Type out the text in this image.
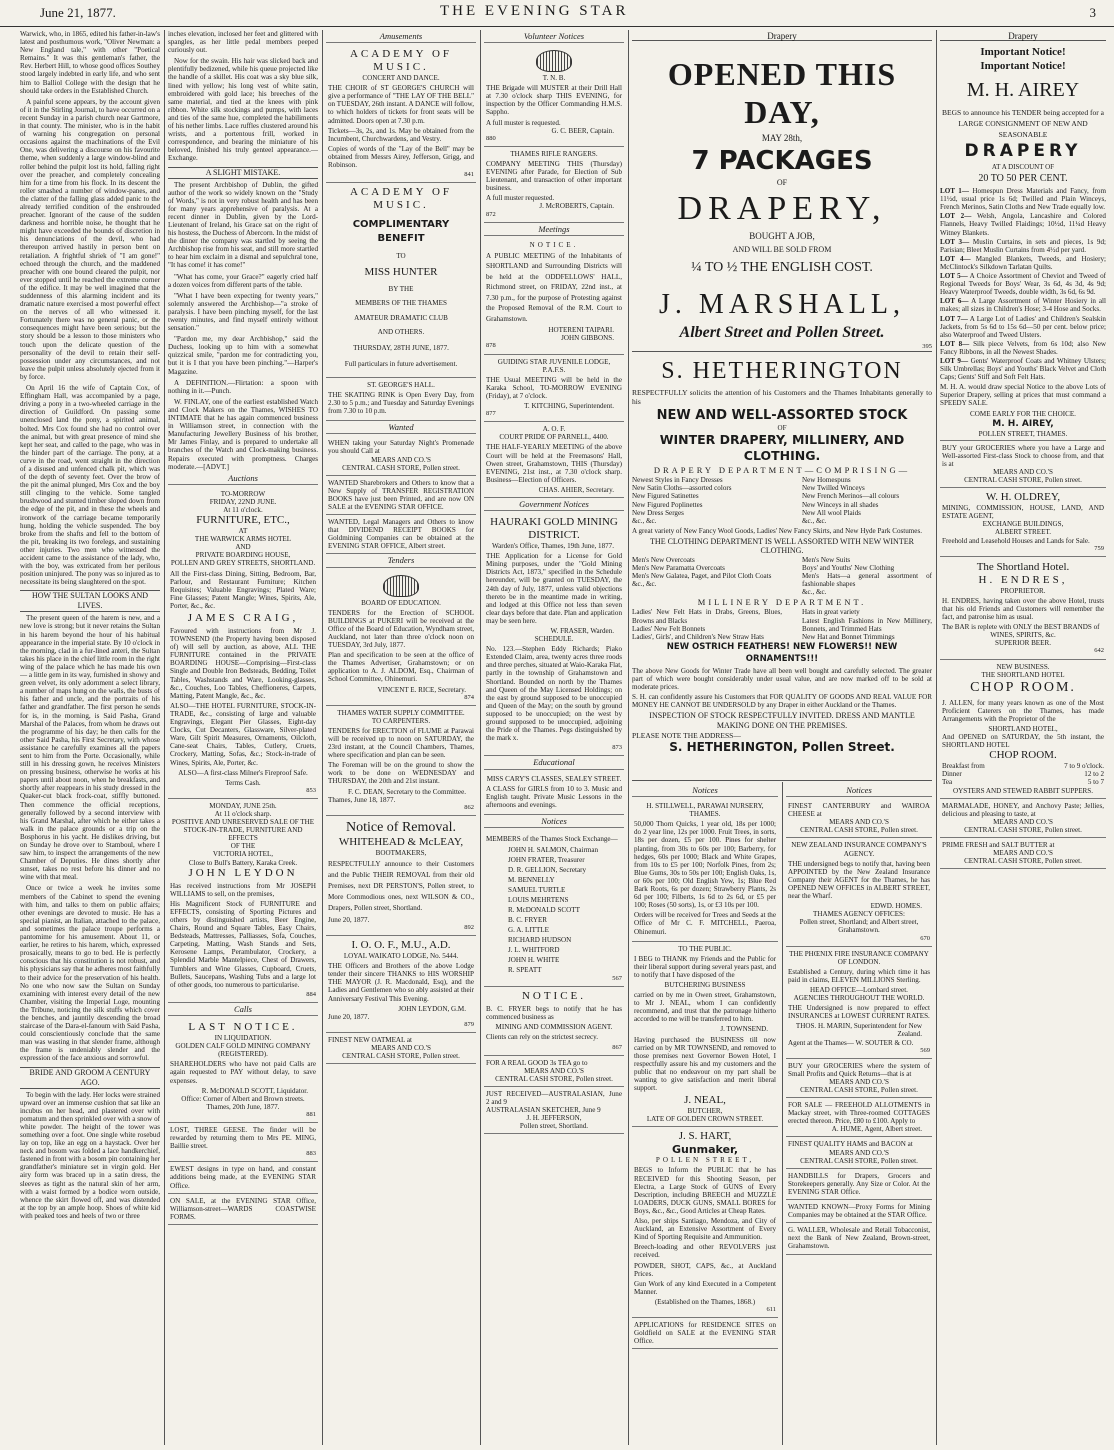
June 21, 1877.	THE EVENING STAR	3

Warwick, who, in 1865, edited his father-in-law's latest and posthumous work, "Oliver Newman: a New England tale," with other "Poetical Remains." It was this gentleman's father, the Rev. Herbert Hill, to whose good offices Southey stood largely indebted in early life, and who sent him to Balliol College with the design that he should take orders in the Established Church.

A painful scene appears, by the account given of it in the Stirling Journal, to have occurred on a recent Sunday in a parish church near Gartmore, in that county. The minister, who is in the habit of warning his congregation on personal occasions against the machinations of the Evil One, was delivering a discourse on his favourite theme, when suddenly a large window-blind and roller behind the pulpit lost its hold, falling right over the preacher, and completely concealing him for a time from his flock. In its descent the roller smashed a number of window-panes, and the clatter of the falling glass added panic to the already terrified condition of the enshrouded preacher. Ignorant of the cause of the sudden darkness and horrible noise, he thought that he might have exceeded the bounds of discretion in his denunciations of the devil, who had thereupon arrived hastily in person bent on retaliation. A frightful shriek of "I am gone!" echoed through the church, and the maddened preacher with one bound cleared the pulpit, nor ever stopped until he reached the extreme corner of the edifice. It may be well imagined that the suddenness of this alarming incident and its dramatic nature exercised a most powerful effect on the nerves of all who witnessed it. Fortunately there was no general panic, or the consequences might have been serious; but the story should be a lesson to those ministers who touch upon the delicate question of the personality of the devil to retain their self-possession under any circumstances, and not leave the pulpit unless absolutely ejected from it by force.

On April 16 the wife of Captain Cox, of Effingham Hall, was accompanied by a page, driving a pony in a two-wheeled carriage in the direction of Guildford. On passing some unenclosed land the pony, a spirited animal, bolted. Mrs Cox found she had no control over the animal, but with great presence of mind she kept her seat, and called to the page, who was in the hinder part of the carriage. The pony, at a curve in the road, went straight in the direction of a disused and unfenced chalk pit, which was of the depth of seventy feet. Over the brow of the pit the animal plunged, Mrs Cox and the boy still clinging to the vehicle. Some tangled brushwood and stunted timber sloped down from the edge of the pit, and in these the wheels and ironwork of the carriage became temporarily hung, holding the vehicle suspended. The boy broke from the shafts and fell to the bottom of the pit, breaking its two forelegs, and sustaining other injuries. Two men who witnessed the accident came to the assistance of the lady, who, with the boy, was extricated from her perilous position uninjured. The pony was so injured as to necessitate its being slaughtered on the spot.

HOW THE SULTAN LOOKS AND LIVES.

The present queen of the harem is new, and a new love is strong; but it never retains the Sultan in his harem beyond the hour of his habitual appearance in the imperial state. By 10 o'clock in the morning, clad in a fur-lined anteri, the Sultan takes his place in the chief little room in the right wing of the palace which he has made his own — a little gem in its way, furnished in showy and green velvet, its only adornment a select library, a number of maps hung on the walls, the busts of his father and uncle, and the portraits of his father and grandfather. The first person he sends for is, in the morning, is Said Pasha, Grand Marshal of the Palaces, from whom he draws out the programme of his day; he then calls for the other Said Pasha, his First Secretary, with whose assistance he carefully examines all the papers sent to him from the Porte. Occasionally, while still in his dressing gown, he receives Ministers on pressing business, otherwise he works at his papers until about noon, when he breakfasts, and shortly after reappears in his study dressed in the Quaker-cut black frock-coat, stiffly buttoned. Then commence the official receptions, generally followed by a second interview with his Grand Marshal, after which he either takes a walk in the palace grounds or a trip on the Bosphorus in his yacht. He dislikes driving, but on Sunday he drove over to Stamboul, where I saw him, to inspect the arrangements of the new Chamber of Deputies. He dines shortly after sunset, takes no rest before his dinner and no wine with that meal.

Once or twice a week he invites some members of the Cabinet to spend the evening with him, and talks to them on public affairs; other evenings are devoted to music. He has a special pianist, an Italian, attached to the palace, and sometimes the palace troupe performs a pantomime for his amusement. About 11, or earlier, he retires to his harem, which, expressed prosaically, means to go to bed. He is perfectly conscious that his constitution is not robust, and his physicians say that he adheres most faithfully to their advice for the preservation of his health. No one who now saw the Sultan on Sunday examining with interest every detail of the new Chamber, visiting the Imperial Loge, mounting the Tribune, noticing the silk stuffs which cover the benches, and jauntily descending the broad staircase of the Dara-el-fanoum with Said Pasha, could conscientiously conclude that the same man was wasting in that slender frame, although the frame is undeniably slender and the expression of the face anxious and sorrowful.

BRIDE AND GROOM A CENTURY AGO.

To begin with the lady. Her locks were strained upward over an immense cushion that sat like an incubus on her head, and plastered over with pomatum and then sprinkled over with a snow of white powder. The height of the tower was something over a foot. One single white rosebud lay on top, like an egg on a haystack. Over her neck and bosom was folded a lace handkerchief, fastened in front with a bosom pin containing her grandfather's miniature set in virgin gold. Her airy form was braced up in a satin dress, the sleeves as tight as the natural skin of her arm, with a waist formed by a bodice worn outside, whence the skirt flowed off, and was distended at the top by an ample hoop. Shoes of white kid with peaked toes and heels of two or three

inches elevation, inclosed her feet and glittered with spangles, as her little pedal members peeped curiously out.

Now for the swain. His hair was slicked back and plentifully bedizened, while his queue projected like the handle of a skillet. His coat was a sky blue silk, lined with yellow; his long vest of white satin, embroidered with gold lace; his breeches of the same material, and tied at the knees with pink ribbon. White silk stockings and pumps, with laces and ties of the same hue, completed the habiliments of his nether limbs. Lace ruffles clustered around his wrists, and a portentous frill, worked in correspondence, and bearing the miniature of his beloved, finished his truly genteel appearance.—Exchange.

A SLIGHT MISTAKE.

The present Archbishop of Dublin, the gifted author of the work so widely known on the "Study of Words," is not in very robust health and has been for many years apprehensive of paralysis. At a recent dinner in Dublin, given by the Lord-Lieutenant of Ireland, his Grace sat on the right of his hostess, the Duchess of Abercorn. In the midst of the dinner the company was startled by seeing the Archbishop rise from his seat, and still more startled to hear him exclaim in a dismal and sepulchral tone, "It has come! it has come!"

"What has come, your Grace?" eagerly cried half a dozen voices from different parts of the table.

"What I have been expecting for twenty years," solemnly answered the Archbishop—"a stroke of paralysis. I have been pinching myself, for the last twenty minutes, and find myself entirely without sensation."

"Pardon me, my dear Archbishop," said the Duchess, looking up to him with a somewhat quizzical smile, "pardon me for contradicting you, but it is I that you have been pinching."—Harper's Magazine.

A DEFINITION.—Flirtation: a spoon with nothing in it.—Punch.

W. FINLAY, one of the earliest established Watch and Clock Makers on the Thames, WISHES TO INTIMATE that he has again commenced business in Williamson street, in connection with the Manufacturing Jewellery Business of his brother, Mr James Finlay, and is prepared to undertake all branches of the Watch and Clock-making business. Repairs executed with promptness. Charges moderate.—[ADVT.]

Auctions
TO-MORROW
FRIDAY, 22ND JUNE.
At 11 o'clock.
FURNITURE, ETC.,
AT
THE WARWICK ARMS HOTEL
AND
PRIVATE BOARDING HOUSE,
POLLEN AND GREY STREETS, SHORTLAND.

All the First-class Dining, Sitting, Bedroom, Bar, Parlour, and Restaurant Furniture; Kitchen Requisites; Valuable Engravings; Plated Ware; Fine Glasses; Patent Mangle; Wines, Spirits, Ale, Porter, &c., &c.

JAMES CRAIG,

Favoured with instructions from Mr J. TOWNSEND (the Property having been disposed of) will sell by auction, as above, ALL THE FURNITURE contained in the PRIVATE BOARDING HOUSE—Comprising—First-class Single and Double Iron Bedsteads, Bedding, Toilet Tables, Washstands and Ware, Looking-glasses, &c., Couches, Loo Tables, Cheffioneres, Carpets, Matting, Patent Mangle, &c., &c.

ALSO—THE HOTEL FURNITURE, STOCK-IN-TRADE, &c., consisting of large and valuable Engravings, Elegant Pier Glasses, Eight-day Clocks, Cut Decanters, Glassware, Silver-plated Ware, Gilt Spirit Measures, Ornaments, Oilcloth, Cane-seat Chairs, Tables, Cutlery, Cruets, Crockery, Matting, Sofas, &c.; Stock-in-trade of Wines, Spirits, Ale, Porter, &c.

ALSO—A first-class Milner's Fireproof Safe.

Terms Cash.
853
MONDAY, JUNE 25th.
At 11 o'clock sharp.
POSITIVE AND UNRESERVED SALE OF THE STOCK-IN-TRADE, FURNITURE AND EFFECTS
OF THE
VICTORIA HOTEL,
Close to Bull's Battery, Karaka Creek.
JOHN LEYDON

Has received instructions from Mr JOSEPH WILLIAMS to sell, on the premises,

His Magnificent Stock of FURNITURE and EFFECTS, consisting of Sporting Pictures and others by distinguished artists, Beer Engine, Chairs, Round and Square Tables, Easy Chairs, Bedsteads, Mattresses, Palliasses, Sofa, Couches, Carpeting, Matting, Wash Stands and Sets, Kerosene Lamps, Perambulator, Crockery, a Splendid Marble Mantelpiece, Chest of Drawers, Tumblers and Wine Glasses, Cupboard, Cruets, Bullets, Saucepans, Washing Tubs and a large lot of other goods, too numerous to particularise.

884
Calls
LAST NOTICE.
IN LIQUIDATION.
GOLDEN CALF GOLD MINING COMPANY (REGISTERED).

SHAREHOLDERS who have not paid Calls are again requested to PAY without delay, to save expenses.

R. McDONALD SCOTT, Liquidator.
Office: Corner of Albert and Brown streets.
Thames, 20th June, 1877.
881
LOST, THREE GEESE. The finder will be rewarded by returning them to Mrs PE. MING, Baillie street.
883
EWEST designs in type on hand, and constant additions being made, at the EVENING STAR Office.
ON SALE, at the EVENING STAR Office, Williamson-street—WARDS COASTWISE FORMS.
Amusements
ACADEMY OF MUSIC.
CONCERT AND DANCE.

THE CHOIR of ST GEORGE'S CHURCH will give a performance of "THE LAY OF THE BELL" on TUESDAY, 26th instant. A DANCE will follow, to which holders of tickets for front seats will be admitted. Doors open at 7.30 p.m.

Tickets—3s, 2s, and 1s. May be obtained from the Incumbent, Churchwardens, and Vestry.

Copies of words of the "Lay of the Bell" may be obtained from Messrs Airey, Jefferson, Grigg, and Robinson.

841
ACADEMY OF MUSIC.
COMPLIMENTARY BENEFIT
TO
MISS HUNTER
BY THE
MEMBERS OF THE THAMES
AMATEUR DRAMATIC CLUB
AND OTHERS.
THURSDAY, 28TH JUNE, 1877.
Full particulars in future advertisement.
ST. GEORGE'S HALL.

THE SKATING RINK is Open Every Day, from 2.30 to 5 p.m.; and Tuesday and Saturday Evenings from 7.30 to 10 p.m.

Wanted

WHEN taking your Saturday Night's Promenade you should Call at

MEARS AND CO.'S
CENTRAL CASH STORE, Pollen street.
WANTED Sharebrokers and Others to know that a New Supply of TRANSFER REGISTRATION BOOKS have just been Printed, and are now ON SALE at the EVENING STAR OFFICE.
WANTED, Legal Managers and Others to know that DIVIDEND RECEIPT BOOKS for Goldmining Companies can be obtained at the EVENING STAR OFFICE, Albert street.
Tenders
BOARD OF EDUCATION.

TENDERS for the Erection of SCHOOL BUILDINGS at PUKERI will be received at the Office of the Board of Education, Wyndham street, Auckland, not later than three o'clock noon on TUESDAY, 3rd July, 1877.

Plan and specification to be seen at the office of the Thames Advertiser, Grahamstown; or on application to A. J. ALDOM, Esq., Chairman of School Committee, Ohinemuri.

VINCENT E. RICE, Secretary.
874
THAMES WATER SUPPLY COMMITTEE.
TO CARPENTERS.

TENDERS for ERECTION of FLUME at Parawai will be received up to noon on SATURDAY, the 23rd instant, at the Council Chambers, Thames, where specification and plan can be seen.

The Foreman will be on the ground to show the work to be done on WEDNESDAY and THURSDAY, the 20th and 21st instant.

F. C. DEAN, Secretary to the Committee.
Thames, June 18, 1877.
862
Notice of Removal.
WHITEHEAD & McLEAY,
BOOTMAKERS,

RESPECTFULLY announce to their Customers and the Public THEIR REMOVAL from their old Premises, next DR PERSTON'S, Pollen street, to More Commodious ones, next WILSON & CO., Drapers, Pollen street, Shortland.

June 20, 1877.
892
I. O. O. F., M.U., A.D.
LOYAL WAIKATO LODGE, No. 5444.

THE Officers and Brothers of the above Lodge tender their sincere THANKS to HIS WORSHIP THE MAYOR (J. R. Macdonald, Esq), and the Ladies and Gentlemen who so ably assisted at their Anniversary Festival This Evening.

JOHN LEYDON, G.M.
June 20, 1877.
879
FINEST NEW OATMEAL at
MEARS AND CO.'S
CENTRAL CASH STORE, Pollen street.
Volunteer Notices
T. N. B.

THE Brigade will MUSTER at their Drill Hall at 7.30 o'clock sharp THIS EVENING, for inspection by the Officer Commanding H.M.S. Sappho.

A full muster is requested.
G. C. BEER, Captain.
880
THAMES RIFLE RANGERS.

COMPANY MEETING THIS (Thursday) EVENING after Parade, for Election of Sub Lieutenant, and transaction of other important business.

A full muster requested.
J. McROBERTS, Captain.
872
Meetings
NOTICE.

A PUBLIC MEETING of the Inhabitants of SHORTLAND and Surrounding Districts will be held at the ODDFELLOWS' HALL, Richmond street, on FRIDAY, 22nd inst., at 7.30 p.m., for the purpose of Protesting against the Proposed Removal of the R.M. Court to Grahamstown.

HOTERENI TAIPARI.
JOHN GIBBONS.
878
GUIDING STAR JUVENILE LODGE, P.A.F.S.

THE Usual MEETING will be held in the Karaka School, TO-MORROW EVENING (Friday), at 7 o'clock.

T. KITCHING, Superintendent.
877
A. O. F.
COURT PRIDE OF PARNELL, 4400.

THE HALF-YEARLY MEETING of the above Court will be held at the Freemasons' Hall, Owen street, Grahamstown, THIS (Thursday) EVENING, 21st inst., at 7.30 o'clock sharp. Business—Election of Officers.

CHAS. AHIER, Secretary.
Government Notices
HAURAKI GOLD MINING DISTRICT.
Warden's Office, Thames, 19th June, 1877.

THE Application for a License for Gold Mining purposes, under the "Gold Mining Districts Act, 1873," specified in the Schedule hereunder, will be granted on TUESDAY, the 24th day of July, 1877, unless valid objections thereto be in the meantime made in writing, and lodged at this Office not less than seven clear days before that date. Plan and application may be seen here.

W. FRASER, Warden.
SCHEDULE.

No. 123.—Stephen Eddy Richards; Piako Extended Claim, area, twenty acres three roods and three perches, situated at Waio-Karaka Flat, partly in the township of Grahamstown and Shortland. Bounded on north by the Thames and Queen of the May Licensed Holdings; on the east by ground supposed to be unoccupied and Queen of the May; on the south by ground supposed to be unoccupied; on the west by ground supposed to be unoccupied, adjoining the Pride of the Thames. Pegs distinguished by the mark x.

873
Educational
MISS CARY'S CLASSES, SEALEY STREET.

A CLASS for GIRLS from 10 to 3. Music and English taught. Private Music Lessons in the afternoons and evenings.

Notices

MEMBERS of the Thames Stock Exchange—

JOHN H. SALMON, Chairman
JOHN FRATER, Treasurer
D. R. GELLION, Secretary
M. BENNELLY
SAMUEL TURTLE
LOUIS MEHRTENS
R. McDONALD SCOTT
B. C. FRYER
G. A. LITTLE
RICHARD HUDSON
J. L. WHITFORD
JOHN H. WHITE
R. SPEATT
567
NOTICE.

B. C. FRYER begs to notify that he has commenced business as

MINING AND COMMISSION AGENT.

Clients can rely on the strictest secrecy.

867
FOR A REAL GOOD 3s TEA go to
MEARS AND CO.'S
CENTRAL CASH STORE, Pollen street.
JUST RECEIVED—AUSTRALASIAN, June 2 and 9
AUSTRALASIAN SKETCHER, June 9
J. H. JEFFERSON,
Pollen street, Shortland.
Drapery
OPENED THIS DAY,
MAY 28th,
7 PACKAGES
OF
DRAPERY,
BOUGHT A JOB,
AND WILL BE SOLD FROM
¼ TO ½ THE ENGLISH COST.
J. MARSHALL,
Albert Street and Pollen Street.
395
S. HETHERINGTON

RESPECTFULLY solicits the attention of his Customers and the Thames Inhabitants generally to his

NEW AND WELL-ASSORTED STOCK
OF
WINTER DRAPERY, MILLINERY, AND CLOTHING.
DRAPERY DEPARTMENT—COMPRISING—
Newest Styles in Fancy Dresses
New Satin Cloths—assorted colors
New Figured Satinettes
New Figured Poplinettes
New Dress Serges
&c., &c.
New Homespuns
New Twilled Winceys
New French Merinos—all colours
New Winceys in all shades
New All wool Plaids
&c., &c.

A great variety of New Fancy Wool Goods, Ladies' New Fancy Skirts, and New Hyde Park Costumes.

THE CLOTHING DEPARTMENT IS WELL ASSORTED WITH NEW WINTER CLOTHING.
Men's New Overcoats
Men's New Paramatta Overcoats
Men's New Galatea, Paget, and Pilot Cloth Coats
&c., &c.
Men's New Suits
Boys' and Youths' New Clothing
Men's Hats—a general assortment of fashionable shapes
&c., &c.
MILLINERY DEPARTMENT.
Ladies' New Felt Hats in Drabs, Greens, Blues, Browns and Blacks
Ladies' New Felt Bonnets
Ladies', Girls', and Children's New Straw Hats
Hats in great variety
Latest English Fashions in New Millinery, Bonnets, and Trimmed Hats
New Hat and Bonnet Trimmings
NEW OSTRICH FEATHERS! NEW FLOWERS!! NEW ORNAMENTS!!!

The above New Goods for Winter Trade have all been well bought and carefully selected. The greater part of which were bought considerably under usual value, and are now marked off to be sold at moderate prices.

S. H. can confidently assure his Customers that FOR QUALITY OF GOODS AND REAL VALUE FOR MONEY HE CANNOT BE UNDERSOLD by any Draper in either Auckland or the Thames.

INSPECTION OF STOCK RESPECTFULLY INVITED. DRESS AND MANTLE MAKING DONE ON THE PREMISES.
PLEASE NOTE THE ADDRESS—
S. HETHERINGTON, Pollen Street.
Notices
H. STILLWELL, PARAWAI NURSERY, THAMES.

50,000 Thorn Quicks, 1 year old, 18s per 1000; do 2 year line, 12s per 1000. Fruit Trees, in sorts, 18s per dozen, £5 per 100. Pines for shelter planting, from 30s to 60s per 100; Barberry, for hedges, 60s per 1000; Black and White Grapes, from 10s to £5 per 100; Norfolk Pines, from 2s; Blue Gums, 30s to 50s per 100; English Oaks, 1s, or 60s per 100; Old English Yew, 1s; Blue Red Bark Roots, 6s per dozen; Strawberry Plants, 2s 6d per 100; Filberts, 1s 6d to 2s 6d, or £5 per 100; Roses (50 sorts), 1s, or £3 10s per 100.

Orders will be received for Trees and Seeds at the Office of Mr C. F. MITCHELL, Paeroa, Ohinemuri.

TO THE PUBLIC.

I BEG to THANK my Friends and the Public for their liberal support during several years past, and to notify that I have disposed of the

BUTCHERING BUSINESS

carried on by me in Owen street, Grahamstown, to Mr J. NEAL, whom I can confidently recommend, and trust that the patronage hitherto accorded to me will be transferred to him.

J. TOWNSEND.

Having purchased the BUSINESS till now carried on by MR TOWNSEND, and removed to those premises next Governor Bowen Hotel, I respectfully assure his and my customers and the public that no endeavour on my part shall be wanting to give satisfaction and merit liberal support.

J. NEAL,
BUTCHER,
LATE OF GOLDEN CROWN STREET.
J. S. HART,
Gunmaker,
POLLEN STREET,

BEGS to Inform the PUBLIC that he has RECEIVED for this Shooting Season, per Electra, a Large Stock of GUNS of Every Description, including BREECH and MUZZLE LOADERS, DUCK GUNS, SMALL BORES for Boys, &c., &c., Good Articles at Cheap Rates.

Also, per ships Santiago, Mendoza, and City of Auckland, an Extensive Assortment of Every Kind of Sporting Requisite and Ammunition.

Breech-loading and other REVOLVERS just received.

POWDER, SHOT, CAPS, &c., at Auckland Prices.

Gun Work of any kind Executed in a Competent Manner.

(Established on the Thames, 1868.)
611
APPLICATIONS for RESIDENCE SITES on Goldfield on SALE at the EVENING STAR Office.
Notices
FINEST CANTERBURY and WAIROA CHEESE at
MEARS AND CO.'S
CENTRAL CASH STORE, Pollen street.
NEW ZEALAND INSURANCE COMPANY'S AGENCY.

THE undersigned begs to notify that, having been APPOINTED by the New Zealand Insurance Company their AGENT for the Thames, he has OPENED NEW OFFICES in ALBERT STREET, near the Wharf.

EDWD. HOMES.
THAMES AGENCY OFFICES:
Pollen street, Shortland; and Albert street, Grahamstown.
670
THE PHŒNIX FIRE INSURANCE COMPANY OF LONDON.

Established a Century, during which time it has paid in claims, ELEVEN MILLIONS Sterling.

HEAD OFFICE—Lombard street.
AGENCIES THROUGHOUT THE WORLD.

THE Undersigned is now prepared to effect INSURANCES at LOWEST CURRENT RATES.

THOS. H. MARIN, Superintendent for New Zealand.
Agent at the Thames— W. SOUTER & CO.
569
BUY your GROCERIES where the system of Small Profits and Quick Returns—that is at
MEARS AND CO.'S
CENTRAL CASH STORE, Pollen street.
FOR SALE — FREEHOLD ALLOTMENTS in Mackay street, with Three-roomed COTTAGES erected thereon. Price, £80 to £100. Apply to
A. HUME, Agent, Albert street.
FINEST QUALITY HAMS and BACON at
MEARS AND CO.'S
CENTRAL CASH STORE, Pollen street.
HANDBILLS for Drapers, Grocers and Storekeepers generally. Any Size or Color. At the EVENING STAR Office.
WANTED KNOWN—Proxy Forms for Mining Companies may be obtained at the STAR Office.
G. WALLER, Wholesale and Retail Tobacconist, next the Bank of New Zealand, Brown-street, Grahamstown.
Drapery
Important Notice!
Important Notice!
M. H. AIREY
BEGS to announce his TENDER being accepted for a
LARGE CONSIGNMENT OF NEW AND SEASONABLE
DRAPERY
AT A DISCOUNT OF
20 TO 50 PER CENT.
LOT 1— Homespun Dress Materials and Fancy, from 11½d, usual price 1s 6d; Twilled and Plain Winceys, French Merinos, Satin Cloths and New Trade equally low.
LOT 2— Welsh, Angola, Lancashire and Colored Flannels, Heavy Twilled Flaidings; 10½d, 11¼d Heavy Witney Blankets.
LOT 3— Muslin Curtains, in sets and pieces, 1s 9d; Parisian; Bleet Muslin Curtains from 4½d per yard.
LOT 4— Mangled Blankets, Tweeds, and Hosiery; McClintock's Silkdown Tarlatan Quilts.
LOT 5— A Choice Assortment of Cheviot and Tweed of Regional Tweeds for Boys' Wear, 3s 6d, 4s 3d, 4s 9d; Heavy Waterproof Tweeds, double width, 3s 6d, 6s 9d.
LOT 6— A Large Assortment of Winter Hosiery in all makes; all sizes in Children's Hose; 3-4 Hose and Socks.
LOT 7— A Large Lot of Ladies' and Children's Sealskin Jackets, from 5s 6d to 15s 6d—50 per cent. below price; also Waterproof and Tweed Ulsters.
LOT 8— Silk piece Velvets, from 6s 10d; also New Fancy Ribbons, in all the Newest Shades.
LOT 9— Gents' Waterproof Coats and Whitney Ulsters; Silk Umbrellas; Boys' and Youths' Black Velvet and Cloth Caps; Gents' Stiff and Soft Felt Hats.

M. H. A. would draw special Notice to the above Lots of Superior Drapery, selling at prices that must command a SPEEDY SALE.

COME EARLY FOR THE CHOICE.
M. H. AIREY,
POLLEN STREET, THAMES.
BUY your GROCERIES where you have a Large and Well-assorted First-class Stock to choose from, and that is at
MEARS AND CO.'S
CENTRAL CASH STORE, Pollen street.
W. H. OLDREY,
MINING, COMMISSION, HOUSE, LAND, AND ESTATE AGENT,
EXCHANGE BUILDINGS,
ALBERT STREET.
Freehold and Leasehold Houses and Lands for Sale.
759
The Shortland Hotel.
H. ENDRES,
PROPRIETOR.

H. ENDRES, having taken over the above Hotel, trusts that his old Friends and Customers will remember the fact, and patronise him as usual.

The BAR is replete with ONLY the BEST BRANDS of
WINES, SPIRITS, &c.
SUPERIOR BEER.
642
NEW BUSINESS.
THE SHORTLAND HOTEL
CHOP ROOM.

J. ALLEN, for many years known as one of the Most Proficient Caterers on the Thames, has made Arrangements with the Proprietor of the

SHORTLAND HOTEL,
And OPENED on SATURDAY, the 5th instant, the SHORTLAND HOTEL
CHOP ROOM.
Breakfast from	7 to 9 o'clock.
Dinner	12 to 2
Tea	5 to 7
OYSTERS AND STEWED RABBIT SUPPERS.
MARMALADE, HONEY, and Anchovy Paste; Jellies, delicious and pleasing to taste, at
MEARS AND CO.'S
CENTRAL CASH STORE, Pollen street.
PRIME FRESH and SALT BUTTER at
MEARS AND CO.'S
CENTRAL CASH STORE, Pollen street.
